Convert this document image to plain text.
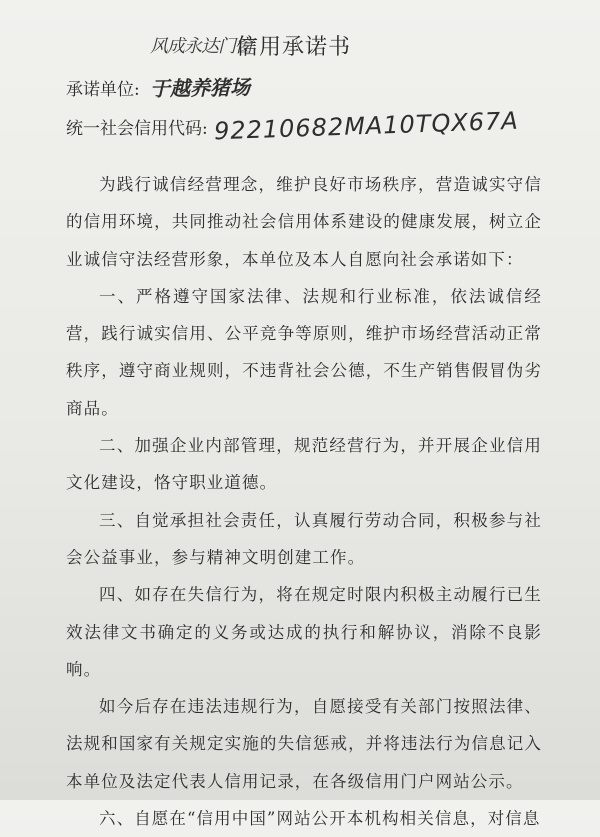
风成永达门窗
信用承诺书
承诺单位: 于越养猪场
统一社会信用代码: 92210682MA10TQX67A

为践行诚信经营理念，维护良好市场秩序，营造诚实守信的信用环境，共同推动社会信用体系建设的健康发展，树立企业诚信守法经营形象，本单位及本人自愿向社会承诺如下：

一、严格遵守国家法律、法规和行业标准，依法诚信经营，践行诚实信用、公平竞争等原则，维护市场经营活动正常秩序，遵守商业规则，不违背社会公德，不生产销售假冒伪劣商品。

二、加强企业内部管理，规范经营行为，并开展企业信用文化建设，恪守职业道德。

三、自觉承担社会责任，认真履行劳动合同，积极参与社会公益事业，参与精神文明创建工作。

四、如存在失信行为，将在规定时限内积极主动履行已生效法律文书确定的义务或达成的执行和解协议，消除不良影响。

如今后存在违法违规行为，自愿接受有关部门按照法律、法规和国家有关规定实施的失信惩戒，并将违法行为信息记入本单位及法定代表人信用记录，在各级信用门户网站公示。

六、自愿在“信用中国”网站公开本机构相关信息，对信息
